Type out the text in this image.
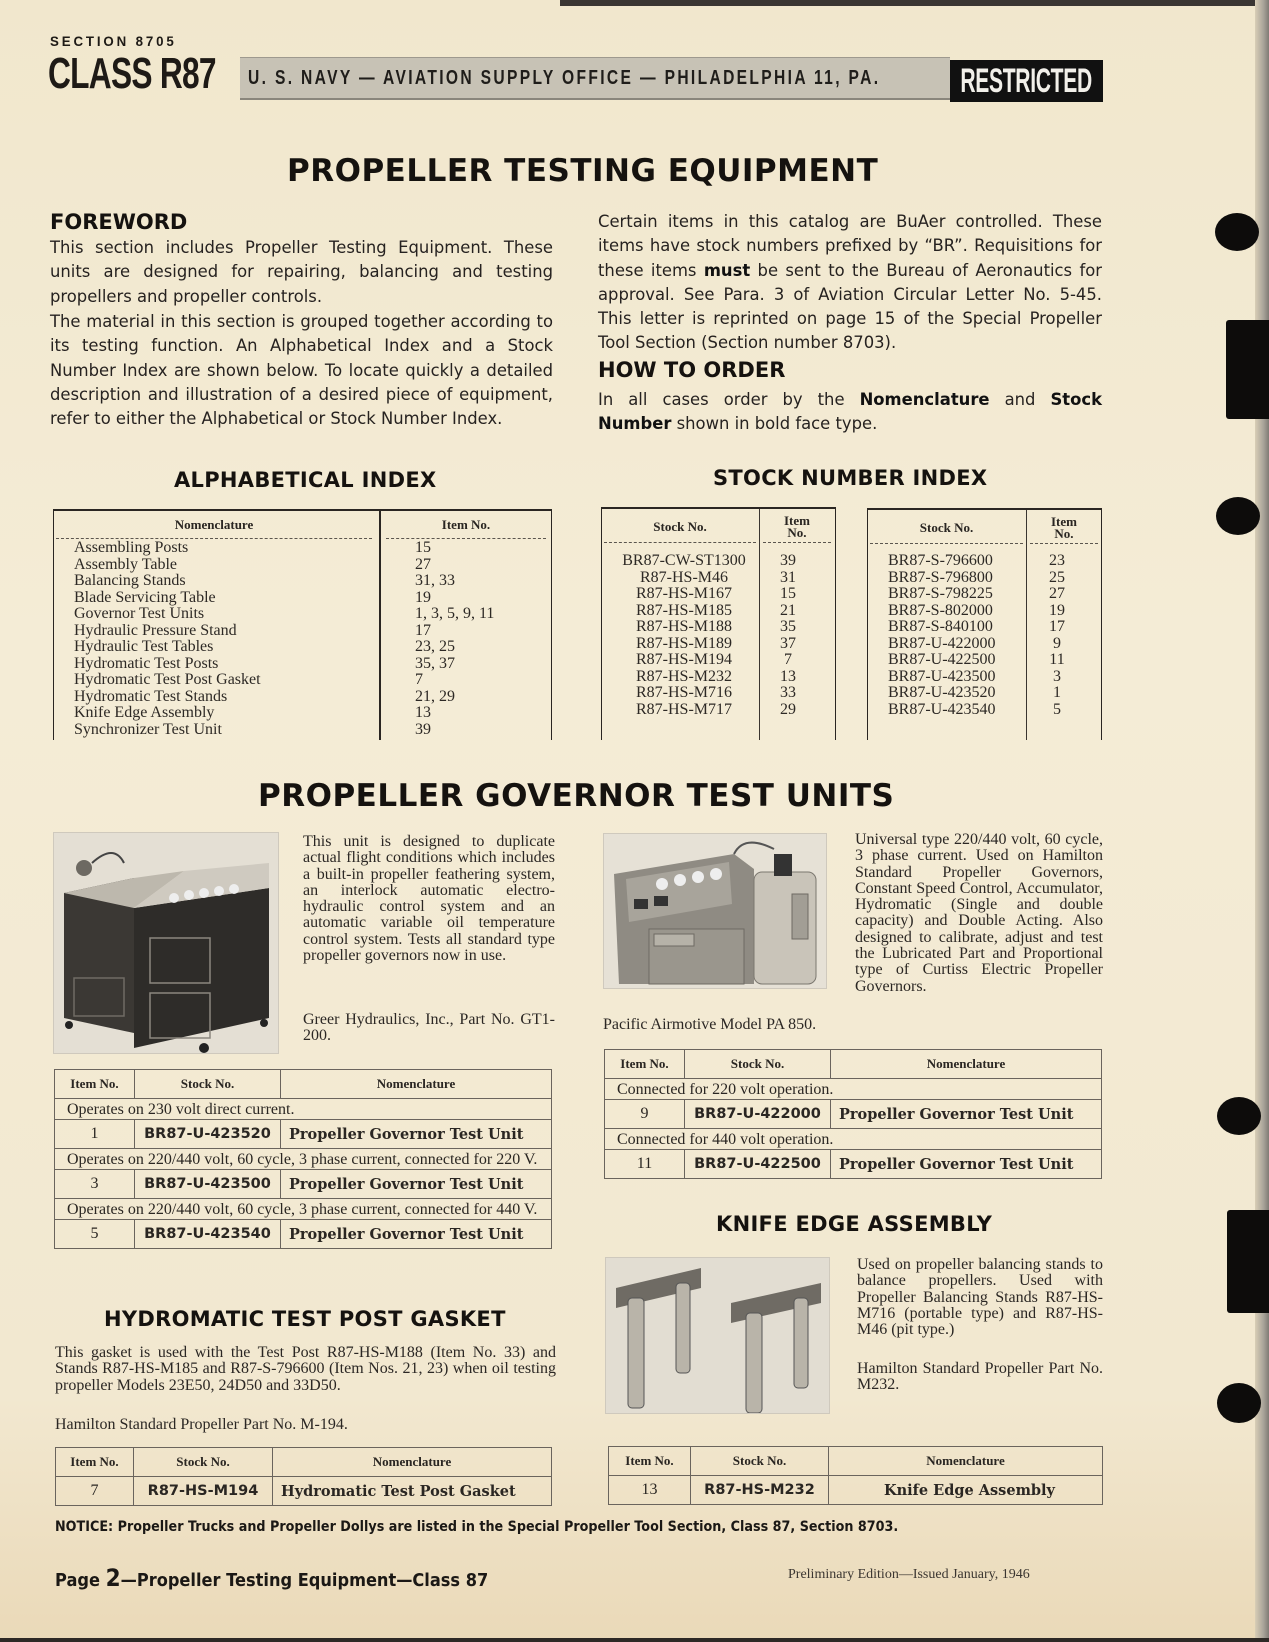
SECTION 8705
CLASS R87 U. S. NAVY — AVIATION SUPPLY OFFICE — PHILADELPHIA 11, PA. RESTRICTED
PROPELLER TESTING EQUIPMENT
FOREWORD
This section includes Propeller Testing Equipment. These units are designed for repairing, balancing and testing propellers and propeller controls.
The material in this section is grouped together according to its testing function. An Alphabetical Index and a Stock Number Index are shown below. To locate quickly a detailed description and illustration of a desired piece of equipment, refer to either the Alphabetical or Stock Number Index.
Certain items in this catalog are BuAer controlled. These items have stock numbers prefixed by “BR”. Requisitions for these items must be sent to the Bureau of Aeronautics for approval. See Para. 3 of Aviation Circular Letter No. 5-45. This letter is reprinted on page 15 of the Special Propeller Tool Section (Section number 8703).
HOW TO ORDER
In all cases order by the Nomenclature and Stock Number shown in bold face type.
ALPHABETICAL INDEX
Nomenclature	Item No.
Assembling Posts	15
Assembly Table	27
Balancing Stands	31, 33
Blade Servicing Table	19
Governor Test Units	1, 3, 5, 9, 11
Hydraulic Pressure Stand	17
Hydraulic Test Tables	23, 25
Hydromatic Test Posts	35, 37
Hydromatic Test Post Gasket	7
Hydromatic Test Stands	21, 29
Knife Edge Assembly	13
Synchronizer Test Unit	39
STOCK NUMBER INDEX
Stock No.	Item
No.
BR87-CW-ST1300 39
R87-HS-M46	31
R87-HS-M167	15
R87-HS-M185	21
R87-HS-M188	35
R87-HS-M189	37
R87-HS-M194	7
R87-HS-M232	13
R87-HS-M716	33
R87-HS-M717	29
Stock No.	Item
No.
BR87-S-796600	23
BR87-S-796800	25
BR87-S-798225	27
BR87-S-802000	19
BR87-S-840100	17
BR87-U-422000	9
BR87-U-422500	11
BR87-U-423500	3
BR87-U-423520	1
BR87-U-423540	5
PROPELLER GOVERNOR TEST UNITS
This unit is designed to duplicate actual flight conditions which includes a built-in propeller feathering system, an interlock automatic electro-hydraulic control system and an automatic variable oil temperature control system. Tests all standard type propeller governors now in use.
Greer Hydraulics, Inc., Part No. GT1-200.
Universal type 220/440 volt, 60 cycle, 3 phase current. Used on Hamilton Standard Propeller Governors, Constant Speed Control, Accumulator, Hydromatic (Single and double capacity) and Double Acting. Also designed to calibrate, adjust and test the Lubricated Part and Proportional type of Curtiss Electric Propeller Governors.
Pacific Airmotive Model PA 850.
Item No.	Stock No.	Nomenclature
Operates on 230 volt direct current.		
1	BR87-U-423520	Propeller Governor Test Unit
Operates on 220/440 volt, 60 cycle, 3 phase current, connected for 220 V.		
3	BR87-U-423500	Propeller Governor Test Unit
Operates on 220/440 volt, 60 cycle, 3 phase current, connected for 440 V.		
5	BR87-U-423540	Propeller Governor Test Unit
Item No.	Stock No.	Nomenclature
Connected for 220 volt operation.		
9	BR87-U-422000	Propeller Governor Test Unit
Connected for 440 volt operation.		
11	BR87-U-422500	Propeller Governor Test Unit
KNIFE EDGE ASSEMBLY
Used on propeller balancing stands to balance propellers. Used with Propeller Balancing Stands R87-HS-M716 (portable type) and R87-HS-M46 (pit type.)
Hamilton Standard Propeller Part No. M232.
HYDROMATIC TEST POST GASKET
This gasket is used with the Test Post R87-HS-M188 (Item No. 33) and Stands R87-HS-M185 and R87-S-796600 (Item Nos. 21, 23) when oil testing propeller Models 23E50, 24D50 and 33D50.
Hamilton Standard Propeller Part No. M-194.
Item No.	Stock No.	Nomenclature
7	R87-HS-M194	Hydromatic Test Post Gasket
Item No.	Stock No.	Nomenclature
13	R87-HS-M232	Knife Edge Assembly
NOTICE: Propeller Trucks and Propeller Dollys are listed in the Special Propeller Tool Section, Class 87, Section 8703.
Page 2—Propeller Testing Equipment—Class 87	Preliminary Edition—Issued January, 1946
